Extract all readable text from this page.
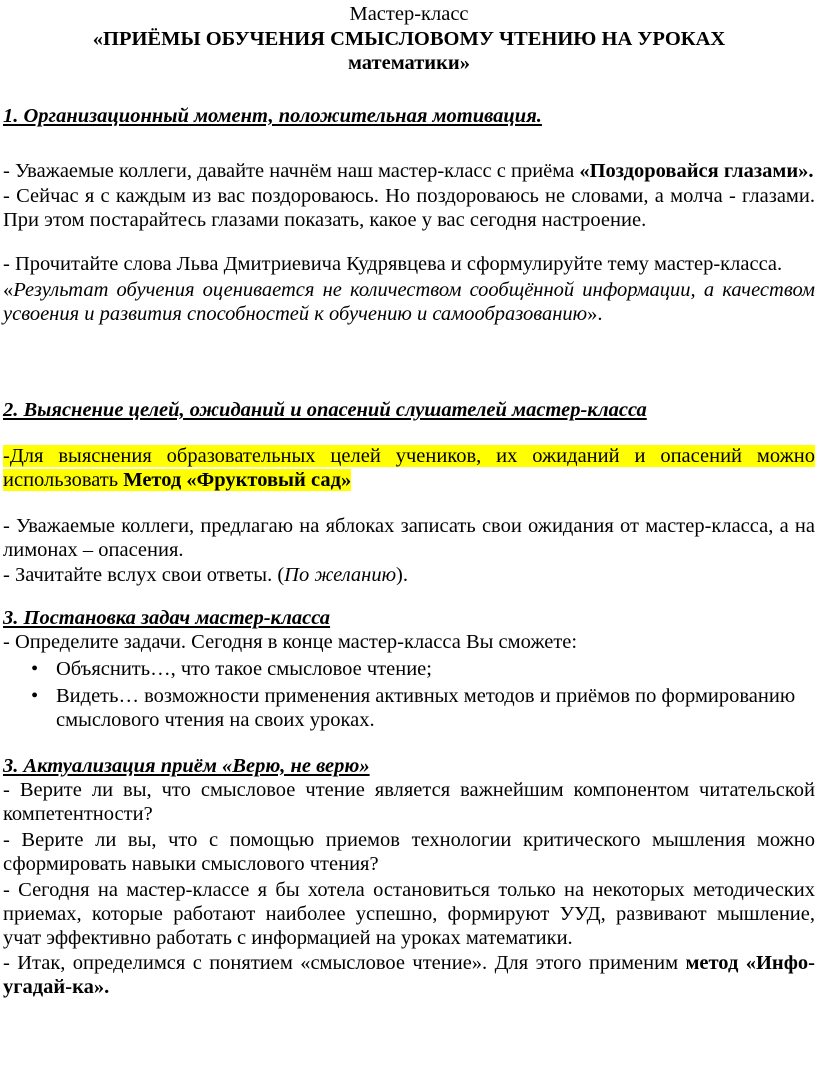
Мастер-класс

«ПРИЁМЫ ОБУЧЕНИЯ СМЫСЛОВОМУ ЧТЕНИЮ НА УРОКАХ

математики»

1. Организационный момент, положительная мотивация.

- Уважаемые коллеги, давайте начнём наш мастер-класс с приёма «Поздоровайся глазами».

- Сейчас я с каждым из вас поздороваюсь. Но поздороваюсь не словами, а молча - глазами. При этом постарайтесь глазами показать, какое у вас сегодня настроение.

- Прочитайте слова Льва Дмитриевича Кудрявцева и сформулируйте тему мастер-класса.

«Результат обучения оценивается не количеством сообщённой информации, а качеством усвоения и развития способностей к обучению и самообразованию».

2. Выяснение целей, ожиданий и опасений слушателей мастер-класса

-Для выяснения образовательных целей учеников, их ожиданий и опасений можно использовать Метод «Фруктовый сад»

- Уважаемые коллеги, предлагаю на яблоках записать свои ожидания от мастер-класса, а на лимонах – опасения.

- Зачитайте вслух свои ответы. (По желанию).

3. Постановка задач мастер-класса

- Определите задачи. Сегодня в конце мастер-класса Вы сможете:

• Объяснить…, что такое смысловое чтение;
• Видеть… возможности применения активных методов и приёмов по формированию смыслового чтения на своих уроках.

3. Актуализация приём «Верю, не верю»

- Верите ли вы, что смысловое чтение является важнейшим компонентом читательской компетентности?

- Верите ли вы, что с помощью приемов технологии критического мышления можно сформировать навыки смыслового чтения?

- Сегодня на мастер-классе я бы хотела остановиться только на некоторых методических приемах, которые работают наиболее успешно, формируют УУД, развивают мышление, учат эффективно работать с информацией на уроках математики.

- Итак, определимся с понятием «смысловое чтение». Для этого применим метод «Инфо-угадай-ка».
